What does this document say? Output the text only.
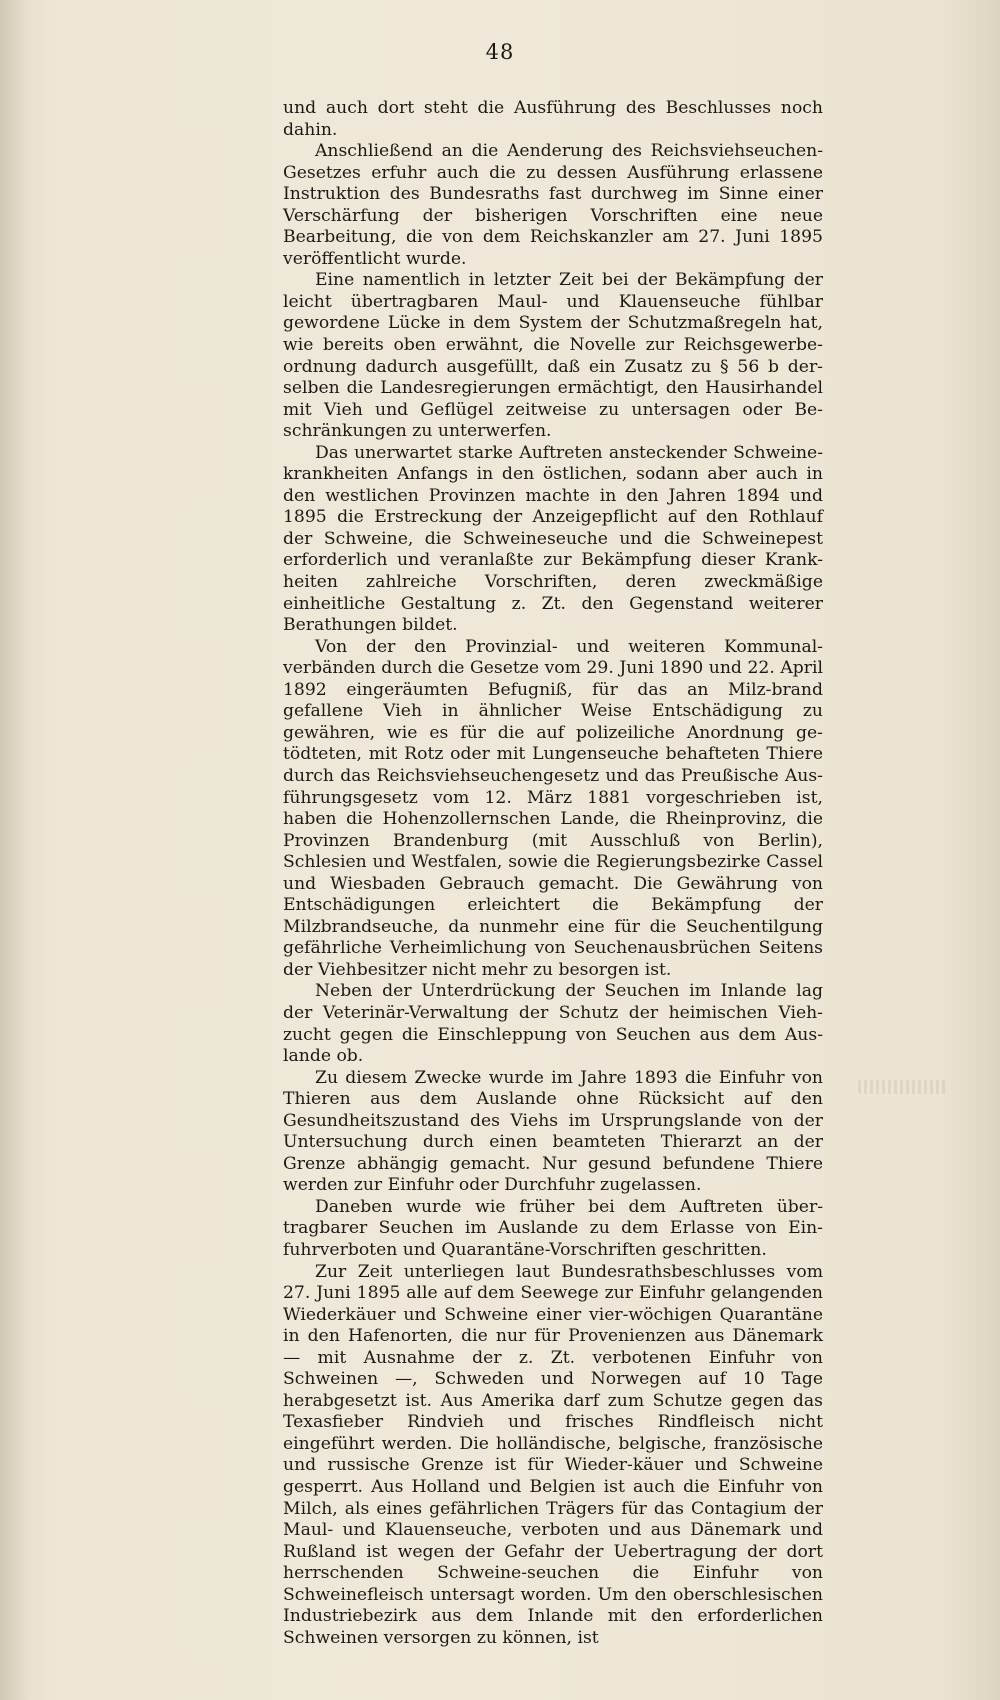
48

und auch dort steht die Ausführung des Beschlusses noch dahin.

Anschließend an die Aenderung des Reichsviehseuchen-Gesetzes erfuhr auch die zu dessen Ausführung erlassene Instruktion des Bundesraths fast durchweg im Sinne einer Verschärfung der bisherigen Vorschriften eine neue Bearbeitung, die von dem Reichskanzler am 27. Juni 1895 veröffentlicht wurde.

Eine namentlich in letzter Zeit bei der Bekämpfung der leicht übertragbaren Maul- und Klauenseuche fühlbar gewordene Lücke in dem System der Schutzmaßregeln hat, wie bereits oben erwähnt, die Novelle zur Reichsgewerbe-ordnung dadurch ausgefüllt, daß ein Zusatz zu § 56 b der-selben die Landesregierungen ermächtigt, den Hausirhandel mit Vieh und Geflügel zeitweise zu untersagen oder Be-schränkungen zu unterwerfen.

Das unerwartet starke Auftreten ansteckender Schweine-krankheiten Anfangs in den östlichen, sodann aber auch in den westlichen Provinzen machte in den Jahren 1894 und 1895 die Erstreckung der Anzeigepflicht auf den Rothlauf der Schweine, die Schweineseuche und die Schweinepest erforderlich und veranlaßte zur Bekämpfung dieser Krank-heiten zahlreiche Vorschriften, deren zweckmäßige einheitliche Gestaltung z. Zt. den Gegenstand weiterer Berathungen bildet.

Von der den Provinzial- und weiteren Kommunal-verbänden durch die Gesetze vom 29. Juni 1890 und 22. April 1892 eingeräumten Befugniß, für das an Milz-brand gefallene Vieh in ähnlicher Weise Entschädigung zu gewähren, wie es für die auf polizeiliche Anordnung ge-tödteten, mit Rotz oder mit Lungenseuche behafteten Thiere durch das Reichsviehseuchengesetz und das Preußische Aus-führungsgesetz vom 12. März 1881 vorgeschrieben ist, haben die Hohenzollernschen Lande, die Rheinprovinz, die Provinzen Brandenburg (mit Ausschluß von Berlin), Schlesien und Westfalen, sowie die Regierungsbezirke Cassel und Wiesbaden Gebrauch gemacht. Die Gewährung von Entschädigungen erleichtert die Bekämpfung der Milzbrandseuche, da nunmehr eine für die Seuchentilgung gefährliche Verheimlichung von Seuchenausbrüchen Seitens der Viehbesitzer nicht mehr zu besorgen ist.

Neben der Unterdrückung der Seuchen im Inlande lag der Veterinär-Verwaltung der Schutz der heimischen Vieh-zucht gegen die Einschleppung von Seuchen aus dem Aus-lande ob.

Zu diesem Zwecke wurde im Jahre 1893 die Einfuhr von Thieren aus dem Auslande ohne Rücksicht auf den Gesundheitszustand des Viehs im Ursprungslande von der Untersuchung durch einen beamteten Thierarzt an der Grenze abhängig gemacht. Nur gesund befundene Thiere werden zur Einfuhr oder Durchfuhr zugelassen.

Daneben wurde wie früher bei dem Auftreten über-tragbarer Seuchen im Auslande zu dem Erlasse von Ein-fuhrverboten und Quarantäne-Vorschriften geschritten.

Zur Zeit unterliegen laut Bundesrathsbeschlusses vom 27. Juni 1895 alle auf dem Seewege zur Einfuhr gelangenden Wiederkäuer und Schweine einer vier-wöchigen Quarantäne in den Hafenorten, die nur für Provenienzen aus Dänemark — mit Ausnahme der z. Zt. verbotenen Einfuhr von Schweinen —, Schweden und Norwegen auf 10 Tage herabgesetzt ist. Aus Amerika darf zum Schutze gegen das Texasfieber Rindvieh und frisches Rindfleisch nicht eingeführt werden. Die holländische, belgische, französische und russische Grenze ist für Wieder-käuer und Schweine gesperrt. Aus Holland und Belgien ist auch die Einfuhr von Milch, als eines gefährlichen Trägers für das Contagium der Maul- und Klauenseuche, verboten und aus Dänemark und Rußland ist wegen der Gefahr der Uebertragung der dort herrschenden Schweine-seuchen die Einfuhr von Schweinefleisch untersagt worden. Um den oberschlesischen Industriebezirk aus dem Inlande mit den erforderlichen Schweinen versorgen zu können, ist
